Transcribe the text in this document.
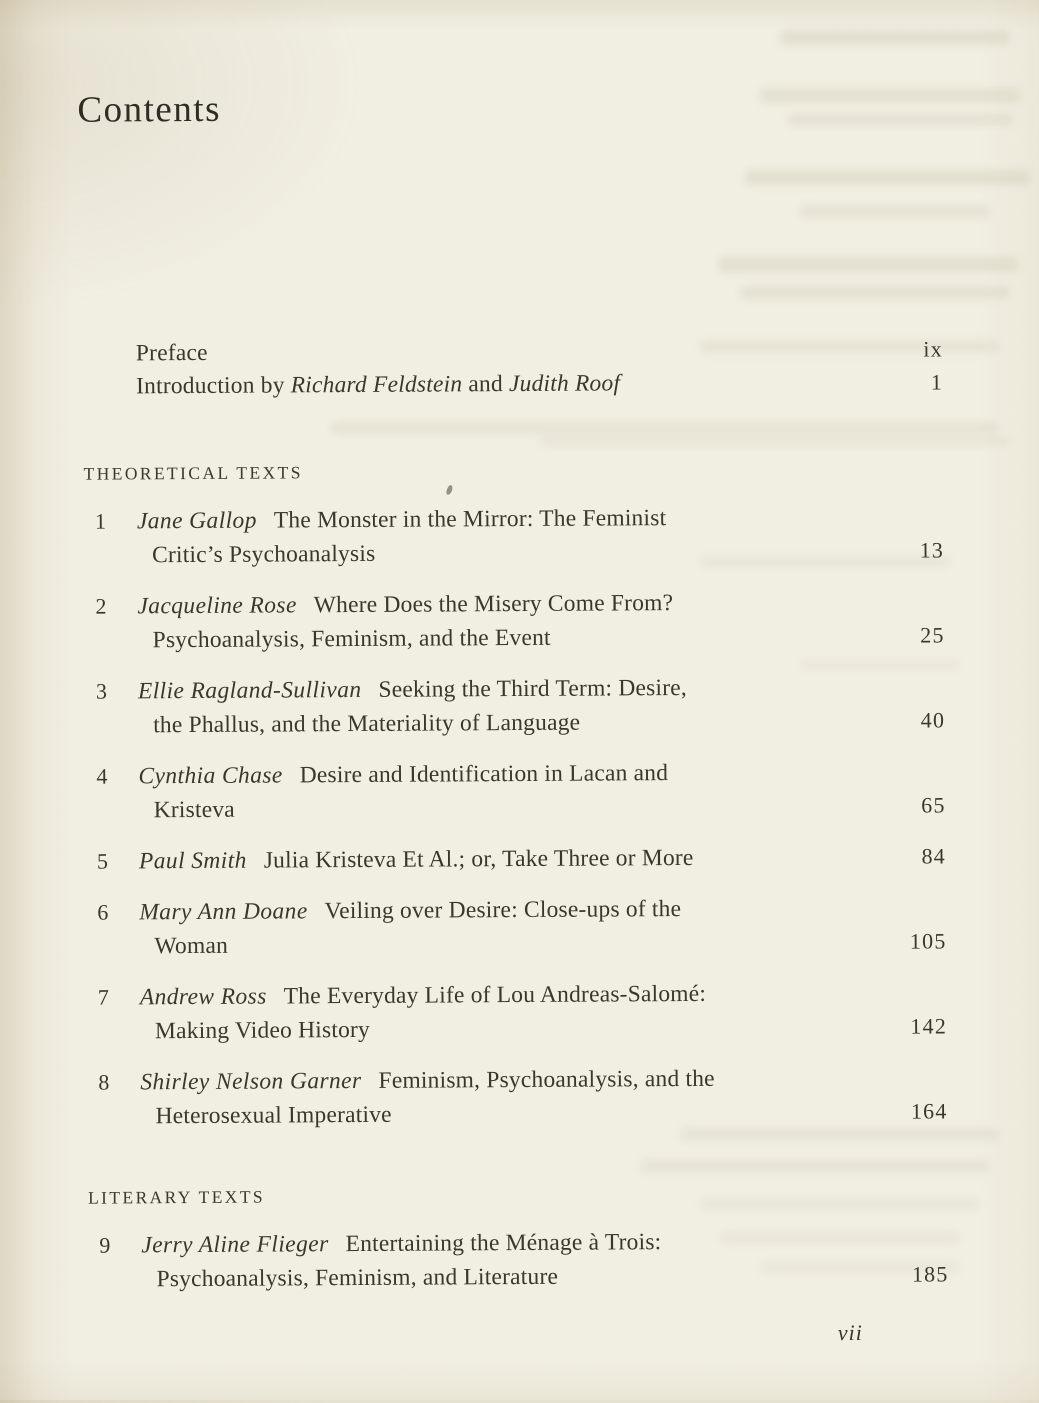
Contents
Preface	ix
Introduction by Richard Feldstein and Judith Roof	1
THEORETICAL TEXTS
1 Jane Gallop The Monster in the Mirror: The Feminist
Critic’s Psychoanalysis	13
2 Jacqueline Rose Where Does the Misery Come From?
Psychoanalysis, Feminism, and the Event	25
3 Ellie Ragland-Sullivan Seeking the Third Term: Desire,
the Phallus, and the Materiality of Language	40
4 Cynthia Chase Desire and Identification in Lacan and
Kristeva	65
5 Paul Smith Julia Kristeva Et Al.; or, Take Three or More	84
6 Mary Ann Doane Veiling over Desire: Close-ups of the
Woman	105
7 Andrew Ross The Everyday Life of Lou Andreas-Salomé:
Making Video History	142
8 Shirley Nelson Garner Feminism, Psychoanalysis, and the
Heterosexual Imperative	164
LITERARY TEXTS
9 Jerry Aline Flieger Entertaining the Ménage à Trois:
Psychoanalysis, Feminism, and Literature	185
vii
